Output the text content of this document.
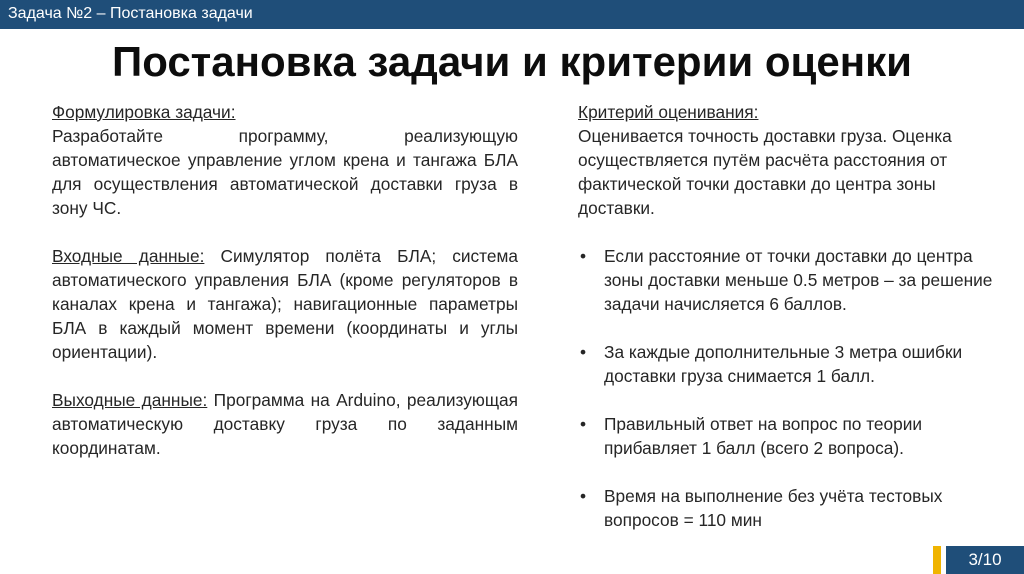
Задача №2 – Постановка задачи
Постановка задачи и критерии оценки

Формулировка задачи:

Разработайте программу, реализующую

автоматическое управление углом крена и тангажа БЛА для осуществления автоматической доставки груза в зону ЧС.

Входные данные: Симулятор полёта БЛА; система автоматического управления БЛА (кроме регуляторов в каналах крена и тангажа); навигационные параметры БЛА в каждый момент времени (координаты и углы ориентации).

Выходные данные: Программа на Arduino, реализующая автоматическую доставку груза по заданным координатам.

Критерий оценивания:

Оценивается точность доставки груза. Оценка осуществляется путём расчёта расстояния от фактической точки доставки до центра зоны доставки.

• Если расстояние от точки доставки до центра зоны доставки меньше 0.5 метров – за решение задачи начисляется 6 баллов.
• За каждые дополнительные 3 метра ошибки доставки груза снимается 1 балл.
• Правильный ответ на вопрос по теории прибавляет 1 балл (всего 2 вопроса).
• Время на выполнение без учёта тестовых вопросов = 110 мин
3/10
